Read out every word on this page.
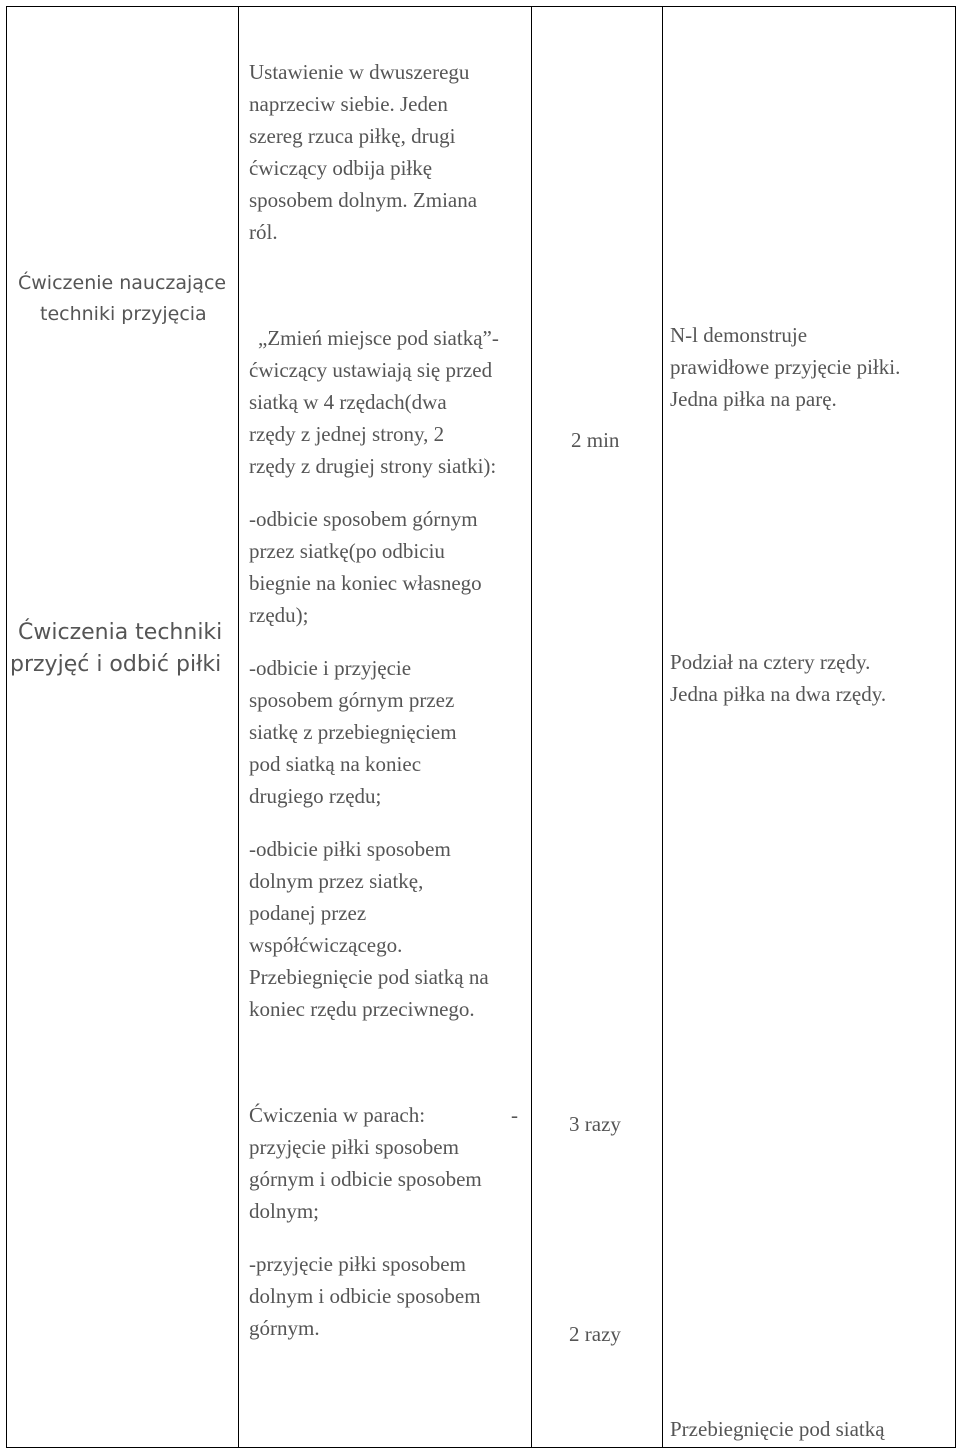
Ćwiczenie nauczające
techniki przyjęcia
Ćwiczenia techniki
przyjęć i odbić piłki
Ustawienie w dwuszeregu
naprzeciw siebie. Jeden
szereg rzuca piłkę, drugi
ćwiczący odbija piłkę
sposobem dolnym. Zmiana
ról.
„Zmień miejsce pod siatką”-
ćwiczący ustawiają się przed
siatką w 4 rzędach(dwa
rzędy z jednej strony, 2
rzędy z drugiej strony siatki):
-odbicie sposobem górnym
przez siatkę(po odbiciu
biegnie na koniec własnego
rzędu);
-odbicie i przyjęcie
sposobem górnym przez
siatkę z przebiegnięciem
pod siatką na koniec
drugiego rzędu;
-odbicie piłki sposobem
dolnym przez siatkę,
podanej przez
współćwiczącego.
Przebiegnięcie pod siatką na
koniec rzędu przeciwnego.
Ćwiczenia w parach:	-
przyjęcie piłki sposobem
górnym i odbicie sposobem
dolnym;
-przyjęcie piłki sposobem
dolnym i odbicie sposobem
górnym.
2 min
3 razy
2 razy
N-l demonstruje
prawidłowe przyjęcie piłki.
Jedna piłka na parę.
Podział na cztery rzędy.
Jedna piłka na dwa rzędy.
Przebiegnięcie pod siatką
